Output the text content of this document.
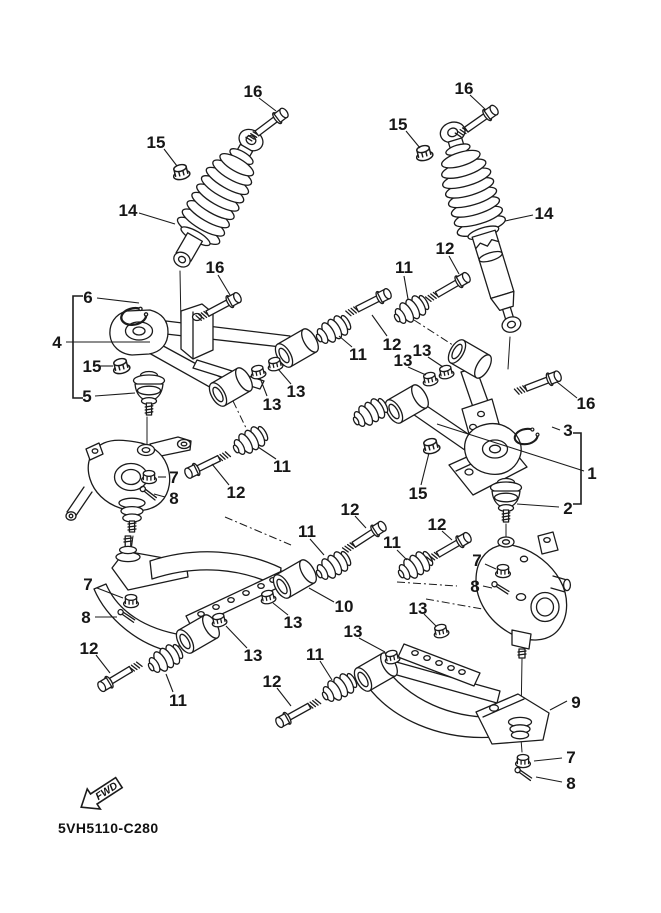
16	16
15
15
14	14
16
12
11
6
4	12
13
13
13
13
11
12
11
16
3
1
2
15
12
11	12
11
10
13
13
7
8
12
11
13
11
12
13
7
8
9
7
8
7
8
5
15
FWD
5VH5110-C280
